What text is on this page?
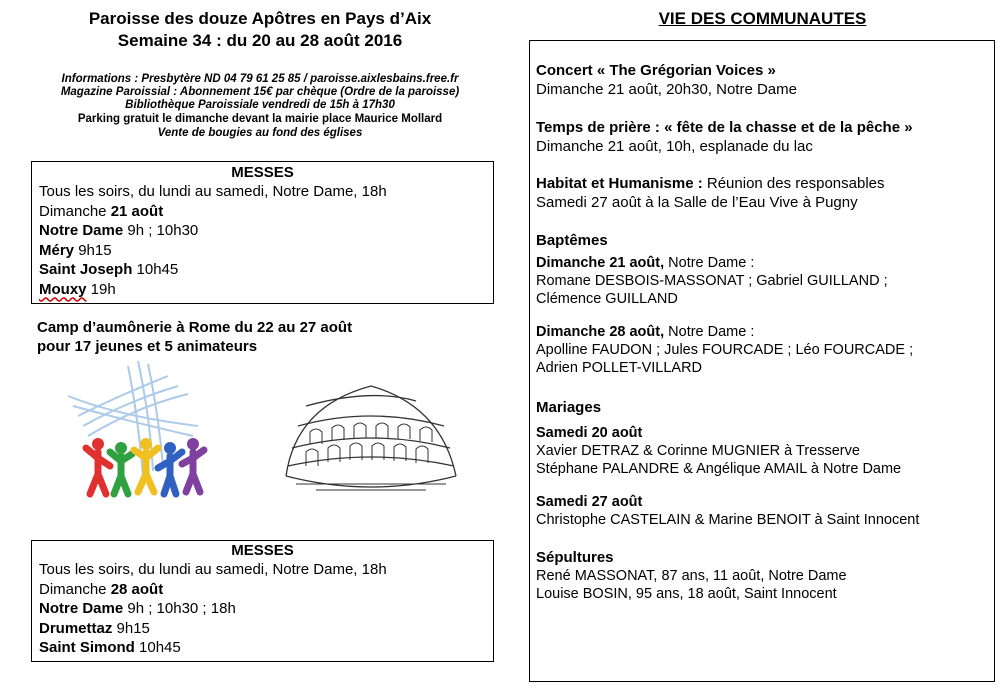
Paroisse des douze Apôtres en Pays d’Aix
Semaine 34 : du 20 au 28 août 2016
Informations : Presbytère ND 04 79 61 25 85 / paroisse.aixlesbains.free.fr
Magazine Paroissial : Abonnement 15€ par chèque (Ordre de la paroisse)
Bibliothèque Paroissiale vendredi de 15h à 17h30
Parking gratuit le dimanche devant la mairie place Maurice Mollard
Vente de bougies au fond des églises
MESSES
Tous les soirs, du lundi au samedi, Notre Dame, 18h
Dimanche 21 août
Notre Dame 9h ; 10h30
Méry 9h15
Saint Joseph 10h45
Mouxy 19h
Camp d’aumônerie à Rome du 22 au 27 août
pour 17 jeunes et 5 animateurs
MESSES
Tous les soirs, du lundi au samedi, Notre Dame, 18h
Dimanche 28 août
Notre Dame 9h ; 10h30 ; 18h
Drumettaz 9h15
Saint Simond 10h45
VIE DES COMMUNAUTES
Concert « The Grégorian Voices »
Dimanche 21 août, 20h30, Notre Dame
Temps de prière : « fête de la chasse et de la pêche »
Dimanche 21 août, 10h, esplanade du lac
Habitat et Humanisme : Réunion des responsables
Samedi 27 août à la Salle de l’Eau Vive à Pugny
Baptêmes
Dimanche 21 août, Notre Dame :
Romane DESBOIS-MASSONAT ; Gabriel GUILLAND ;
Clémence GUILLAND
Dimanche 28 août, Notre Dame :
Apolline FAUDON ; Jules FOURCADE ; Léo FOURCADE ;
Adrien POLLET-VILLARD
Mariages
Samedi 20 août
Xavier DETRAZ & Corinne MUGNIER à Tresserve
Stéphane PALANDRE & Angélique AMAIL à Notre Dame
Samedi 27 août
Christophe CASTELAIN & Marine BENOIT à Saint Innocent
Sépultures
René MASSONAT, 87 ans, 11 août, Notre Dame
Louise BOSIN, 95 ans, 18 août, Saint Innocent
